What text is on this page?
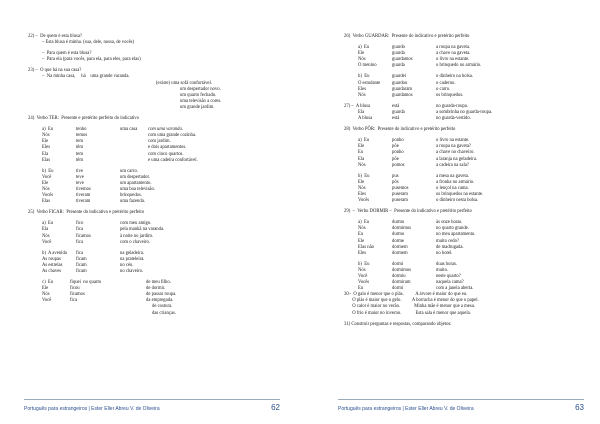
22) –  De quem é esta blusa?
– Esta blusa é minha. (sua, dele, nossa, de vocês)
–  Para quem é esta blusa?
–  Para ela (para vocês, para ela, para eles, para elas)
23) –  O que há na sua casa?
–  Na minha casa,     há    uma grande varanda.
(existe) uma sofá confortável.
um despertador novo.
um quarto fechado.
uma televisão a cores.
um grande jardim.
24)  Verbo TER:  Presente e pretérito perfeito do indicativo
a)  Eu	tenho	uma casa	com uma varanda.
Nós	temos	com uma grande cozinha.
Ele	tem	com jardim.
Eles	têm	e dois apartamentos.
Ela	tem	com cinco quartos.
Elas	têm	e uma cadeira confortável.
b)  Eu	tive	um carro.
Você	teve	um despertador.
Ele	teve	um apartamento.
Nós	tivemos	uma boa televisão.
Vocês	tiveram	brinquedos.
Elas	tiveram	uma fazenda.
25)  Verbo FICAR:  Presente do indicativo e pretérito perfeito
a)  Eu	fico	com meu amigo.
Ela	fica	pela manhã na varanda.
Nós	ficamos	à noite no jardim.
Você	fica	com o chaveiro.
b)  A avenida	fica	na geladeira.
As roupas	ficam	na prateleira.
As estrelas	ficam	no céu.
As chaves	ficam	no chaveiro.
c)  Eu	fiquei  no quarto	de meu filho.
Ele	ficou	de dormir.
Nós	ficamos	de passar roupa.
Você	fica	da empregada.
de costura.
das crianças.
Português para estrangeiros | Ester Eller Abreu V. de Oliveira	62
26)  Verbo GUARDAR:  Presente do indicativo e pretérito perfeito
a)  Eu	guardo	a roupa na gaveta.
Ele	guarda	a chave na gaveta.
Nós	guardamos	o livro na estante.
O menino	guarda	o brinquedo no armário.
b)  Eu	guardei	o dinheiro na bolsa.
O estudante	guardou	o caderno.
Eles	guardaram	o carro.
Nós	guardamos	os brinquedos.
27) –  A blusa	está	no guarda-roupa.
Ela	guarda	a sombrinha no guarda-roupa.
A blusa	está	no guarda-vestido.
28)  Verbo PÔR:  Presente do indicativo e pretérito perfeito
a)  Eu	ponho	o livro na estante.
Ele	põe	a roupa na gaveta?
Eu	ponho	a chave no chaveiro.
Ela	põe	a laranja na geladeira.
Nós	pomos	a cadeira na sala?
b)  Eu	pus	a mesa na gaveta.
Ele	pôs	a fronha no armário.
Nós	pusemos	o lençol na cama.
Eles	puseram	os brinquedos na estante.
Vocês	puseram	o dinheiro nesta bolsa.
29)  –  Verbo DORMIR –  Presente do indicativo e pretérito perfeito
a)  Eu	durmo	às onze horas.
Nós	dormimos	no quarto grande.
Eu	durmo	no meu apartamento.
Ele	dorme	muito cedo?
Elas não	dormem	de madrugada.
Eles	dormem	no hotel.
b)  Eu	dormi	duas horas.
Nós	dormimos	muito.
Você	dormiu	neste quarto?
Vocês	dormiram	naquela cama?
Eu	dormi	com a janela aberta.
30–  O galo é menor que o plás.          A árvore é maior do que eu.
O plás é maior que o gelo.         A borracha é menor do que o papel.
O calor é maior no verão.            Minha mãe é menor que a mesa.
O frio é maior no inverno.            Esta sala é menor que aquela.
31) Construir perguntas e respostas, comparando objetos:
Português para estrangeiros | Ester Eller Abreu V. de Oliveira	63
